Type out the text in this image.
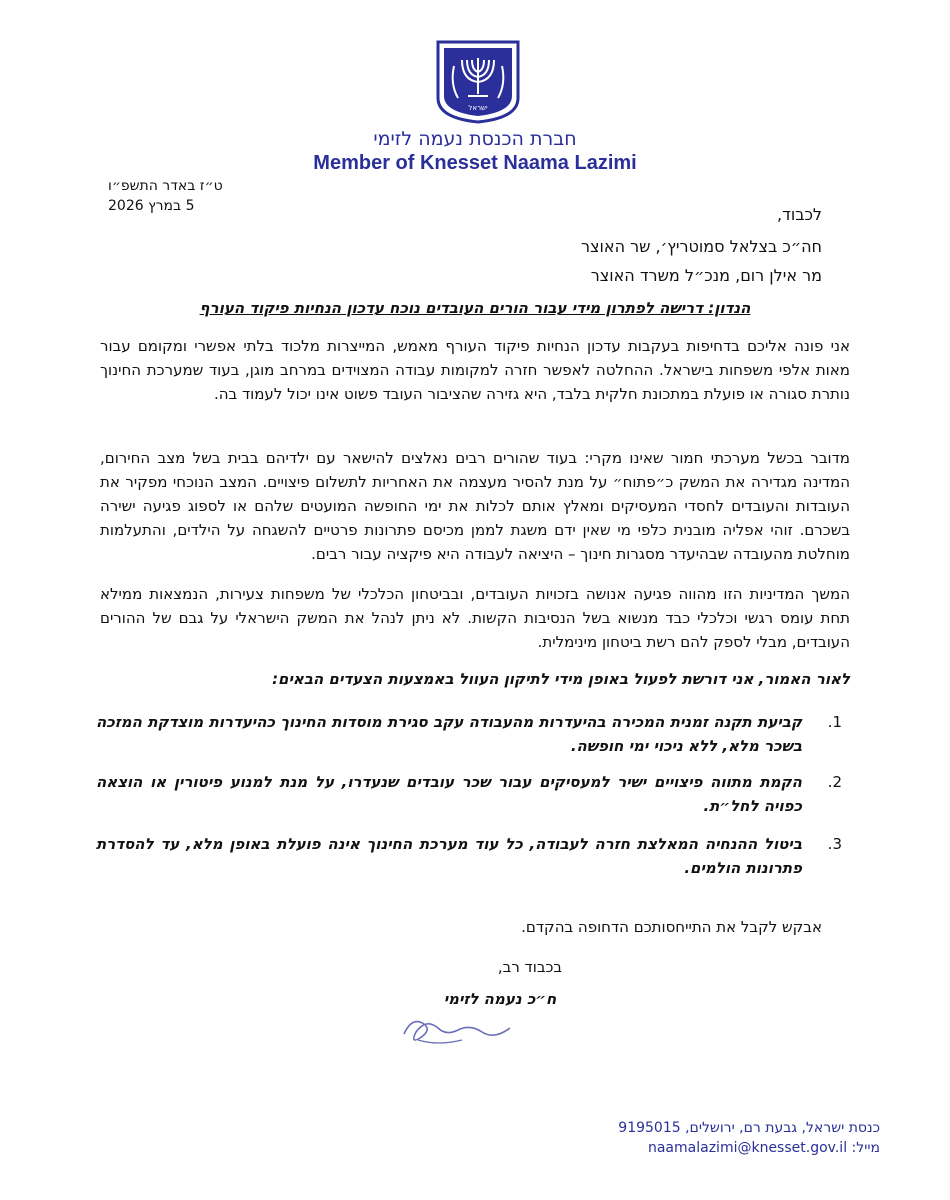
ישראל
חברת הכנסת נעמה לזימי
Member of Knesset Naama Lazimi
ט״ז באדר התשפ״ו
5 במרץ 2026	לכבוד,
חה״כ בצלאל סמוטריץ׳, שר האוצר
מר אילן רום, מנכ״ל משרד האוצר
הנדון: דרישה לפתרון מידי עבור הורים העובדים נוכח עדכון הנחיות פיקוד העורף
אני פונה אליכם בדחיפות בעקבות עדכון הנחיות פיקוד העורף מאמש, המייצרות מלכוד בלתי אפשרי ומקומם עבור מאות אלפי משפחות בישראל. ההחלטה לאפשר חזרה למקומות עבודה המצוידים במרחב מוגן, בעוד שמערכת החינוך נותרת סגורה או פועלת במתכונת חלקית בלבד, היא גזירה שהציבור העובד פשוט אינו יכול לעמוד בה.
מדובר בכשל מערכתי חמור שאינו מקרי: בעוד שהורים רבים נאלצים להישאר עם ילדיהם בבית בשל מצב החירום, המדינה מגדירה את המשק כ״פתוח״ על מנת להסיר מעצמה את האחריות לתשלום פיצויים. המצב הנוכחי מפקיר את העובדות והעובדים לחסדי המעסיקים ומאלץ אותם לכלות את ימי החופשה המועטים שלהם או לספוג פגיעה ישירה בשכרם. זוהי אפליה מובנית כלפי מי שאין ידם משגת לממן מכיסם פתרונות פרטיים להשגחה על הילדים, והתעלמות מוחלטת מהעובדה שבהיעדר מסגרות חינוך – היציאה לעבודה היא פיקציה עבור רבים.
המשך המדיניות הזו מהווה פגיעה אנושה בזכויות העובדים, ובביטחון הכלכלי של משפחות צעירות, הנמצאות ממילא תחת עומס רגשי וכלכלי כבד מנשוא בשל הנסיבות הקשות. לא ניתן לנהל את המשק הישראלי על גבם של ההורים העובדים, מבלי לספק להם רשת ביטחון מינימלית.
לאור האמור, אני דורשת לפעול באופן מידי לתיקון העוול באמצעות הצעדים הבאים:
1.
קביעת תקנה זמנית המכירה בהיעדרות מהעבודה עקב סגירת מוסדות החינוך כהיעדרות מוצדקת המזכה בשכר מלא, ללא ניכוי ימי חופשה.
2.
הקמת מתווה פיצויים ישיר למעסיקים עבור שכר עובדים שנעדרו, על מנת למנוע פיטורין או הוצאה כפויה לחל״ת.
3.
ביטול ההנחיה המאלצת חזרה לעבודה, כל עוד מערכת החינוך אינה פועלת באופן מלא, עד להסדרת פתרונות הולמים.
אבקש לקבל את התייחסותכם הדחופה בהקדם.
בכבוד רב,
ח״כ נעמה לזימי
כנסת ישראל, גבעת רם, ירושלים, 9195015
מייל: naamalazimi@knesset.gov.il
